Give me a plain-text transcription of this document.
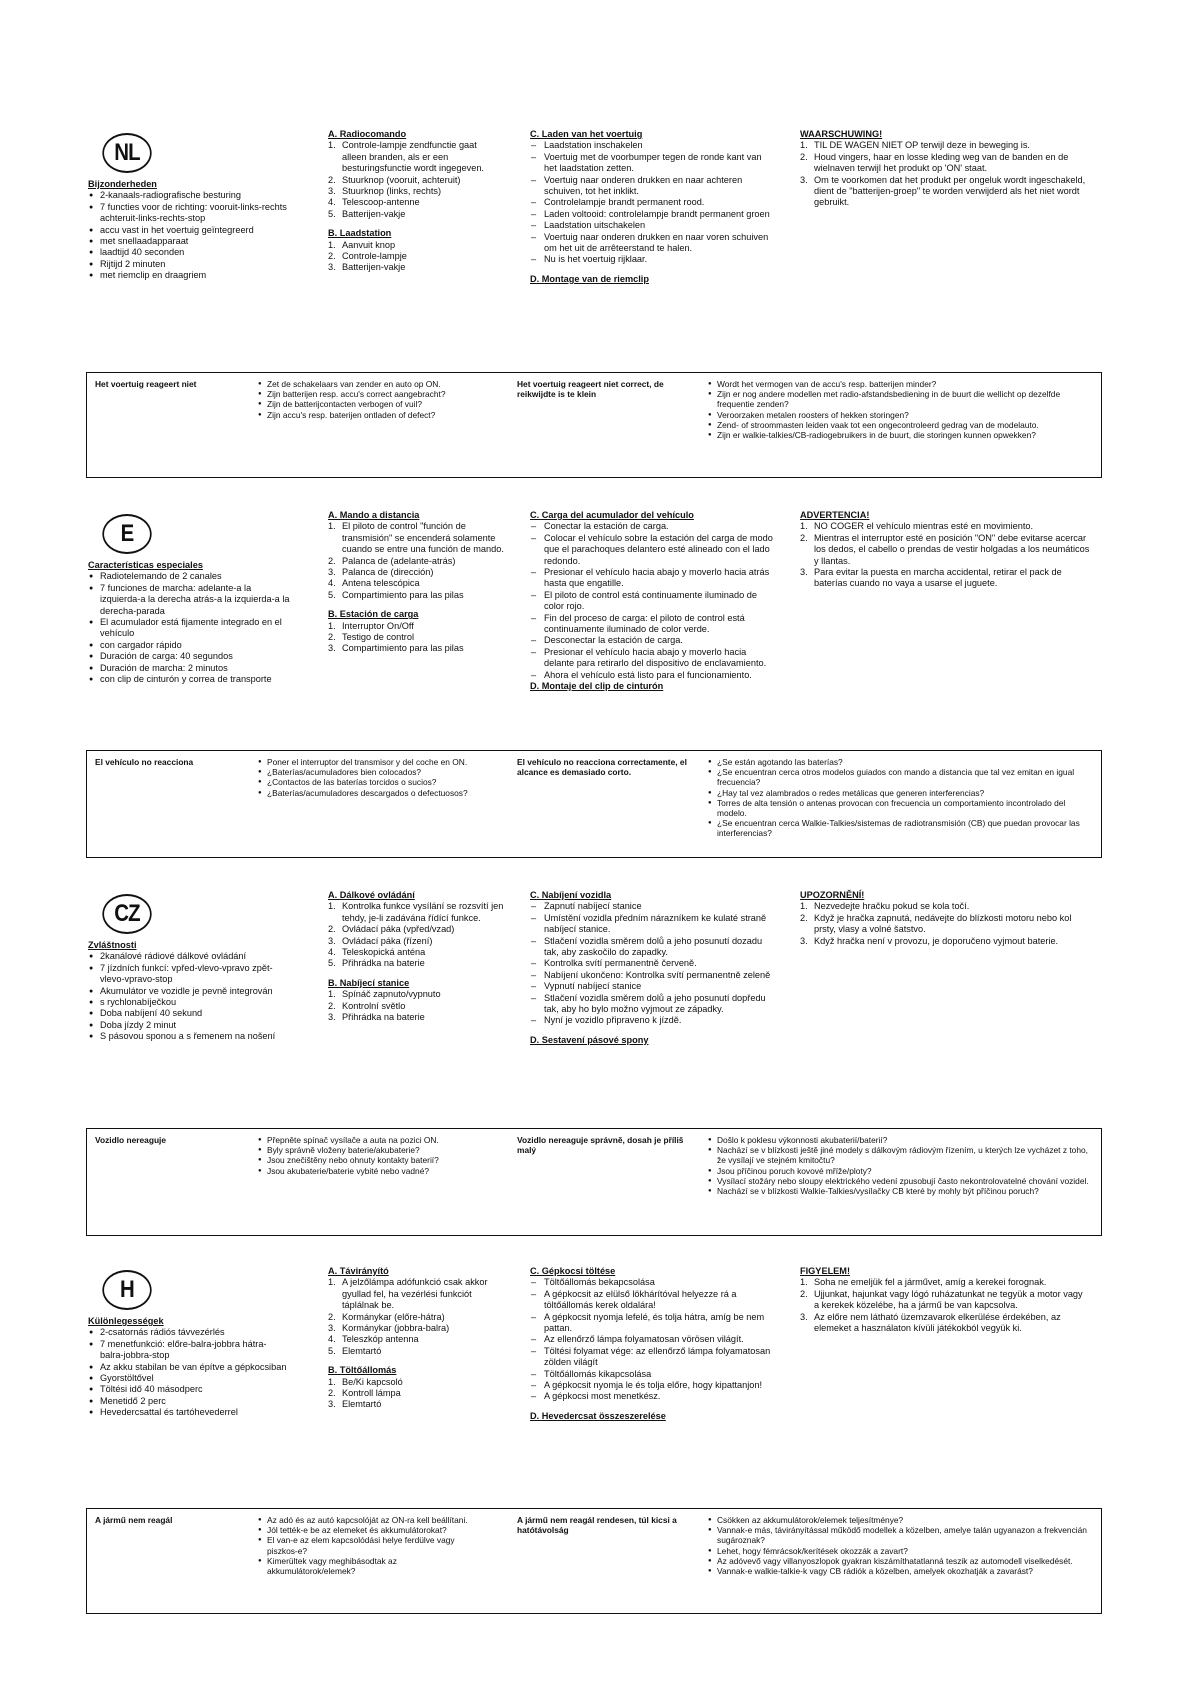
NL
Bijzonderheden
● 2-kanaals-radiografische besturing
● 7 functies voor de richting: vooruit-links-rechts achteruit-links-rechts-stop
● accu vast in het voertuig geïntegreerd
● met snellaadapparaat
● laadtijd 40 seconden
● Rijtijd 2 minuten
● met riemclip en draagriem
A. Radiocomando
1. Controle-lampje zendfunctie gaat alleen branden, als er een besturingsfunctie wordt ingegeven.
2. Stuurknop (vooruit, achteruit)
3. Stuurknop (links, rechts)
4. Telescoop-antenne
5. Batterijen-vakje
B. Laadstation
1. Aanvuit knop
2. Controle-lampje
3. Batterijen-vakje
C. Laden van het voertuig
– Laadstation inschakelen
– Voertuig met de voorbumper tegen de ronde kant van het laadstation zetten.
– Voertuig naar onderen drukken en naar achteren schuiven, tot het inklikt.
– Controlelampje brandt permanent rood.
– Laden voltooid: controlelampje brandt permanent groen
– Laadstation uitschakelen
– Voertuig naar onderen drukken en naar voren schuiven om het uit de arrêteerstand te halen.
– Nu is het voertuig rijklaar.
D. Montage van de riemclip
WAARSCHUWING!
1. TIL DE WAGEN NIET OP terwijl deze in beweging is.
2. Houd vingers, haar en losse kleding weg van de banden en de wielnaven terwijl het produkt op 'ON' staat.
3. Om te voorkomen dat het produkt per ongeluk wordt ingeschakeld, dient de "batterijen-groep" te worden verwijderd als het niet wordt gebruikt.
Het voertuig reageert niet	● Zet de schakelaars van zender en auto op ON.
● Zijn batterijen resp. accu's correct aangebracht?
● Zijn de batterijcontacten verbogen of vuil?
● Zijn accu's resp. baterijen ontladen of defect?
Het voertuig reageert niet correct, de reikwijdte is te klein
● Wordt het vermogen van de accu's resp. batterijen minder?
● Zijn er nog andere modellen met radio-afstandsbediening in de buurt die wellicht op dezelfde frequentie zenden?
● Veroorzaken metalen roosters of hekken storingen?
● Zend- of stroommasten leiden vaak tot een ongecontroleerd gedrag van de modelauto.
● Zijn er walkie-talkies/CB-radiogebruikers in de buurt, die storingen kunnen opwekken?
E
Características especiales
● Radiotelemando de 2 canales
● 7 funciones de marcha: adelante-a la izquierda-a la derecha atrás-a la izquierda-a la derecha-parada
● El acumulador está fijamente integrado en el vehículo
● con cargador rápido
● Duración de carga: 40 segundos
● Duración de marcha: 2 minutos
● con clip de cinturón y correa de transporte
A. Mando a distancia
1. El piloto de control "función de transmisión" se encenderá solamente cuando se entre una función de mando.
2. Palanca de (adelante-atrás)
3. Palanca de (dirección)
4. Antena telescópica
5. Compartimiento para las pilas
B. Estación de carga
1. Interruptor On/Off
2. Testigo de control
3. Compartimiento para las pilas
C. Carga del acumulador del vehículo
– Conectar la estación de carga.
– Colocar el vehículo sobre la estación del carga de modo que el parachoques delantero esté alineado con el lado redondo.
– Presionar el vehículo hacia abajo y moverlo hacia atrás hasta que engatille.
– El piloto de control está continuamente iluminado de color rojo.
– Fin del proceso de carga: el piloto de control está continuamente iluminado de color verde.
– Desconectar la estación de carga.
– Presionar el vehículo hacia abajo y moverlo hacia delante para retirarlo del dispositivo de enclavamiento.
– Ahora el vehículo está listo para el funcionamiento.
D. Montaje del clip de cinturón
ADVERTENCIA!
1. NO COGER el vehículo mientras esté en movimiento.
2. Mientras el interruptor esté en posición "ON" debe evitarse acercar los dedos, el cabello o prendas de vestir holgadas a los neumáticos y llantas.
3. Para evitar la puesta en marcha accidental, retirar el pack de baterías cuando no vaya a usarse el juguete.
El vehículo no reacciona	● Poner el interruptor del transmisor y del coche en ON.
● ¿Baterías/acumuladores bien colocados?
● ¿Contactos de las baterías torcidos o sucios?
● ¿Baterías/acumuladores descargados o defectuosos?
El vehículo no reacciona correctamente, el alcance es demasiado corto.
● ¿Se están agotando las baterías?
● ¿Se encuentran cerca otros modelos guiados con mando a distancia que tal vez emitan en igual frecuencia?
● ¿Hay tal vez alambrados o redes metálicas que generen interferencias?
● Torres de alta tensión o antenas provocan con frecuencia un comportamiento incontrolado del modelo.
● ¿Se encuentran cerca Walkie-Talkies/sistemas de radiotransmisión (CB) que puedan provocar las interferencias?
CZ
Zvláštnosti
● 2kanálové rádiové dálkové ovládání
● 7 jízdních funkcí: vpřed-vlevo-vpravo zpět-vlevo-vpravo-stop
● Akumulátor ve vozidle je pevně integrován
● s rychlonabíječkou
● Doba nabíjení 40 sekund
● Doba jízdy 2 minut
● S pásovou sponou a s řemenem na nošení
A. Dálkové ovládání
1. Kontrolka funkce vysílání se rozsvítí jen tehdy, je-li zadávána řídící funkce.
2. Ovládací páka (vpřed/vzad)
3. Ovládací páka (řízení)
4. Teleskopická anténa
5. Přihrádka na baterie
B. Nabíjecí stanice
1. Spínáč zapnuto/vypnuto
2. Kontrolní světlo
3. Přihrádka na baterie
C. Nabíjení vozidla
– Zapnutí nabíjecí stanice
– Umístění vozidla předním nárazníkem ke kulaté straně nabíjecí stanice.
– Stlačení vozidla směrem dolů a jeho posunutí dozadu tak, aby zaskočilo do zapadky.
– Kontrolka svítí permanentně červeně.
– Nabíjení ukončeno: Kontrolka svítí permanentně zeleně
– Vypnutí nabíjecí stanice
– Stlačení vozidla směrem dolů a jeho posunutí dopředu tak, aby ho bylo možno vyjmout ze západky.
– Nyní je vozidlo připraveno k jízdě.
D. Sestavení pásové spony
UPOZORNĚNÍ!
1. Nezvedejte hračku pokud se kola točí.
2. Když je hračka zapnutá, nedávejte do blízkosti motoru nebo kol prsty, vlasy a volné šatstvo.
3. Když hračka není v provozu, je doporučeno vyjmout baterie.
Vozidlo nereaguje	● Přepněte spínač vysílače a auta na pozici ON.
● Byly správně vloženy baterie/akubaterie?
● Jsou znečištěny nebo ohnuty kontakty baterií?
● Jsou akubaterie/baterie vybité nebo vadné?
Vozidlo nereaguje správně, dosah je příliš malý
● Došlo k poklesu výkonnosti akubaterií/baterií?
● Nachází se v blízkosti ještě jiné modely s dálkovým rádiovým řízením, u kterých lze vycházet z toho, že vysílají ve stejném kmitočtu?
● Jsou příčinou poruch kovové mříže/ploty?
● Vysílací stožáry nebo sloupy elektrického vedení zpusobují často nekontrolovatelné chování vozidel.
● Nachází se v blízkosti Walkie-Talkies/vysílačky CB které by mohly být příčinou poruch?
H
Különlegességek
● 2-csatornás rádiós távvezérlés
● 7 menetfunkció: előre-balra-jobbra hátra-balra-jobbra-stop
● Az akku stabilan be van építve a gépkocsiban
● Gyorstöltővel
● Töltési idő 40 másodperc
● Menetidő 2 perc
● Hevedercsattal és tartóhevederrel
A. Távirányító
1. A jelzőlámpa adófunkció csak akkor gyullad fel, ha vezérlési funkciót táplálnak be.
2. Kormánykar (előre-hátra)
3. Kormánykar (jobbra-balra)
4. Teleszkóp antenna
5. Elemtartó
B. Töltőállomás
1. Be/Ki kapcsoló
2. Kontroll lámpa
3. Elemtartó
C. Gépkocsi töltése
– Töltőállomás bekapcsolása
– A gépkocsit az elülső lökhárítóval helyezze rá a töltőállomás kerek oldalára!
– A gépkocsit nyomja lefelé, és tolja hátra, amíg be nem pattan.
– Az ellenőrző lámpa folyamatosan vörösen világít.
– Töltési folyamat vége: az ellenőrző lámpa folyamatosan zölden világít
– Töltőállomás kikapcsolása
– A gépkocsit nyomja le és tolja előre, hogy kipattanjon!
– A gépkocsi most menetkész.
D. Hevedercsat összeszerelése
FIGYELEM!
1. Soha ne emeljük fel a járművet, amíg a kerekei forognak.
2. Ujjunkat, hajunkat vagy lógó ruházatunkat ne tegyük a motor vagy a kerekek közelébe, ha a jármű be van kapcsolva.
3. Az előre nem látható üzemzavarok elkerülése érdekében, az elemeket a használaton kívüli játékokból vegyük ki.
A jármű nem reagál	● Az adó és az autó kapcsolóját az ON-ra kell beállítani.
● Jól tették-e be az elemeket és akkumulátorokat?
● El van-e az elem kapcsolódási helye ferdülve vagy piszkos-e?
● Kimerültek vagy meghibásodtak az akkumulátorok/elemek?
A jármű nem reagál rendesen, túl kicsi a hatótávolság
● Csökken az akkumulátorok/elemek teljesítménye?
● Vannak-e más, távirányítással működő modellek a közelben, amelye talán ugyanazon a frekvencián sugároznak?
● Lehet, hogy fémrácsok/kerítések okozzák a zavart?
● Az adóvevő vagy villanyoszlopok gyakran kiszámíthatatlanná teszik az automodell viselkedését.
● Vannak-e walkie-talkie-k vagy CB rádiók a közelben, amelyek okozhatják a zavarást?
